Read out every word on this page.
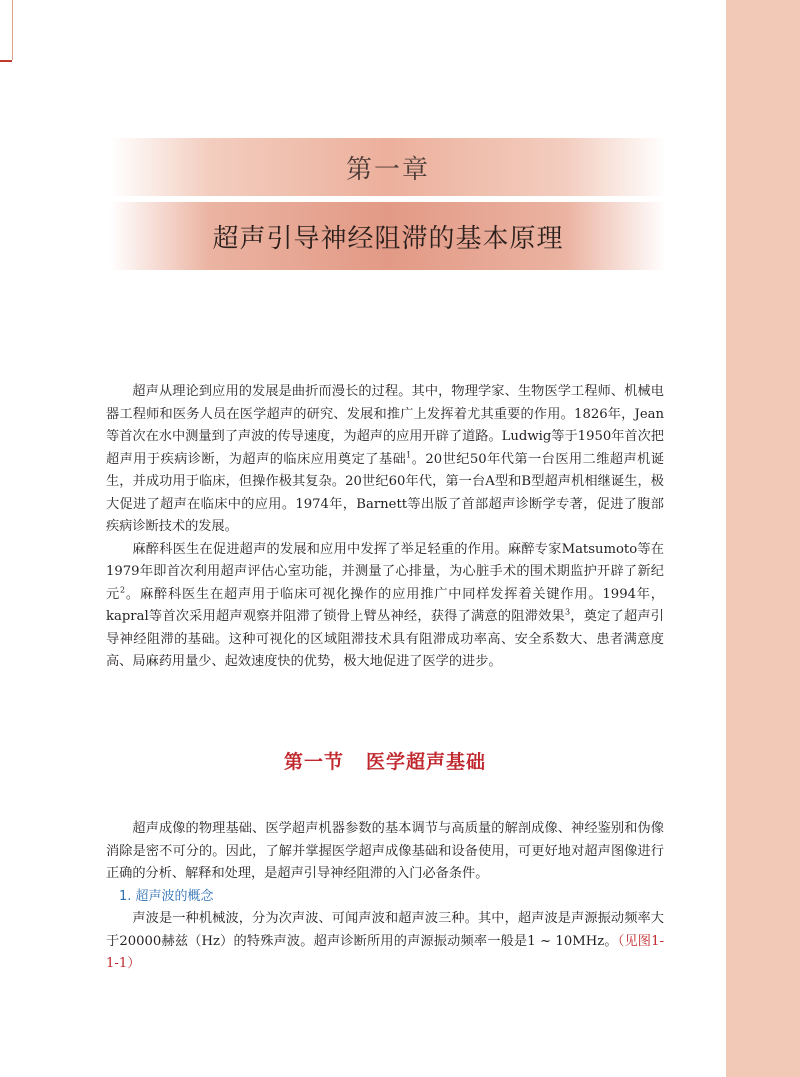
第一章
超声引导神经阻滞的基本原理

超声从理论到应用的发展是曲折而漫长的过程。其中，物理学家、生物医学工程师、机械电器工程师和医务人员在医学超声的研究、发展和推广上发挥着尤其重要的作用。1826年，Jean等首次在水中测量到了声波的传导速度，为超声的应用开辟了道路。Ludwig等于1950年首次把超声用于疾病诊断，为超声的临床应用奠定了基础$^1$。20世纪50年代第一台医用二维超声机诞生，并成功用于临床，但操作极其复杂。20世纪60年代，第一台A型和B型超声机相继诞生，极大促进了超声在临床中的应用。1974年，Barnett等出版了首部超声诊断学专著，促进了腹部疾病诊断技术的发展。

麻醉科医生在促进超声的发展和应用中发挥了举足轻重的作用。麻醉专家Matsumoto等在1979年即首次利用超声评估心室功能，并测量了心排量，为心脏手术的围术期监护开辟了新纪元$^2$。麻醉科医生在超声用于临床可视化操作的应用推广中同样发挥着关键作用。1994年，kapral等首次采用超声观察并阻滞了锁骨上臂丛神经，获得了满意的阻滞效果$^3$，奠定了超声引导神经阻滞的基础。这种可视化的区域阻滞技术具有阻滞成功率高、安全系数大、患者满意度高、局麻药用量少、起效速度快的优势，极大地促进了医学的进步。

第一节 医学超声基础

超声成像的物理基础、医学超声机器参数的基本调节与高质量的解剖成像、神经鉴别和伪像消除是密不可分的。因此，了解并掌握医学超声成像基础和设备使用，可更好地对超声图像进行正确的分析、解释和处理，是超声引导神经阻滞的入门必备条件。

1. 超声波的概念

声波是一种机械波，分为次声波、可闻声波和超声波三种。其中，超声波是声源振动频率大于20000赫兹（Hz）的特殊声波。超声诊断所用的声源振动频率一般是1 ~ 10MHz。（见图1-1-1）
